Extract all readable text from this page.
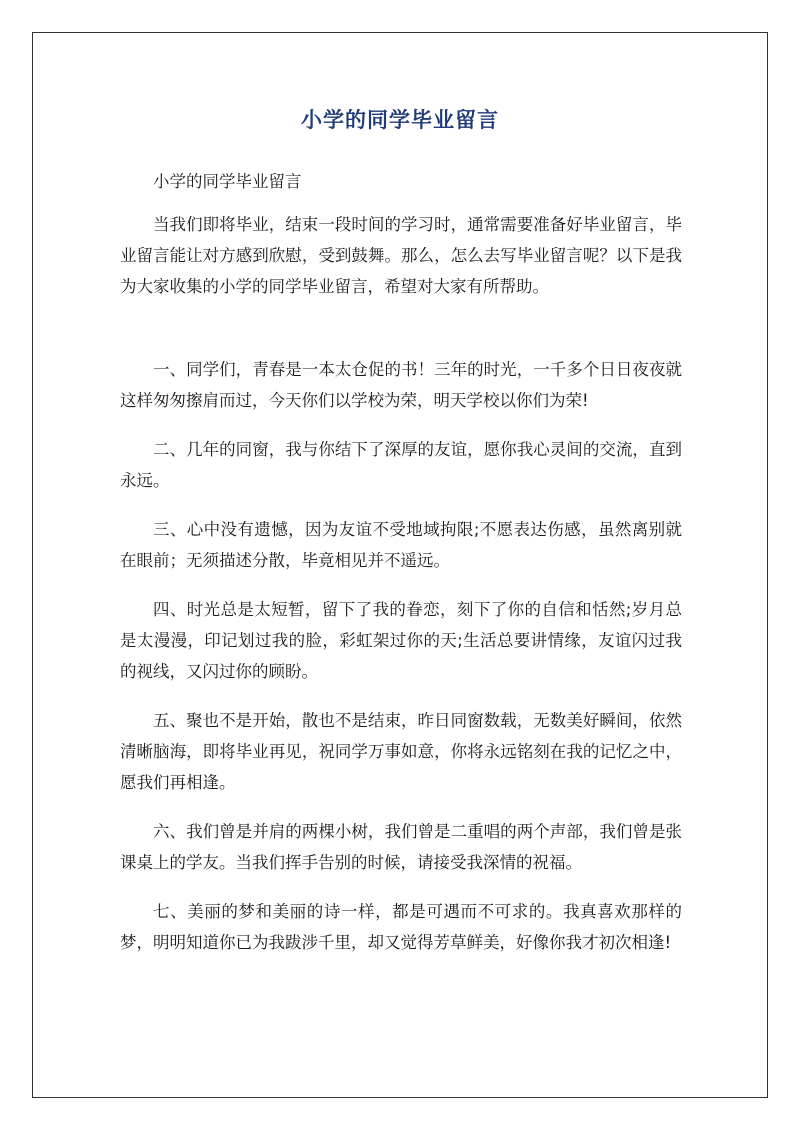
小学的同学毕业留言

小学的同学毕业留言

当我们即将毕业，结束一段时间的学习时，通常需要准备好毕业留言，毕业留言能让对方感到欣慰，受到鼓舞。那么，怎么去写毕业留言呢？以下是我为大家收集的小学的同学毕业留言，希望对大家有所帮助。

一、同学们，青春是一本太仓促的书！三年的时光，一千多个日日夜夜就这样匆匆擦肩而过，今天你们以学校为荣，明天学校以你们为荣!

二、几年的同窗，我与你结下了深厚的友谊，愿你我心灵间的交流，直到永远。

三、心中没有遗憾，因为友谊不受地域拘限;不愿表达伤感，虽然离别就在眼前；无须描述分散，毕竟相见并不遥远。

四、时光总是太短暂，留下了我的眷恋，刻下了你的自信和恬然;岁月总是太漫漫，印记划过我的脸，彩虹架过你的天;生活总要讲情缘，友谊闪过我的视线，又闪过你的顾盼。

五、聚也不是开始，散也不是结束，昨日同窗数载，无数美好瞬间，依然清晰脑海，即将毕业再见，祝同学万事如意，你将永远铭刻在我的记忆之中，愿我们再相逢。

六、我们曾是并肩的两棵小树，我们曾是二重唱的两个声部，我们曾是张课桌上的学友。当我们挥手告别的时候，请接受我深情的祝福。

七、美丽的梦和美丽的诗一样，都是可遇而不可求的。我真喜欢那样的梦，明明知道你已为我跋涉千里，却又觉得芳草鲜美，好像你我才初次相逢!
